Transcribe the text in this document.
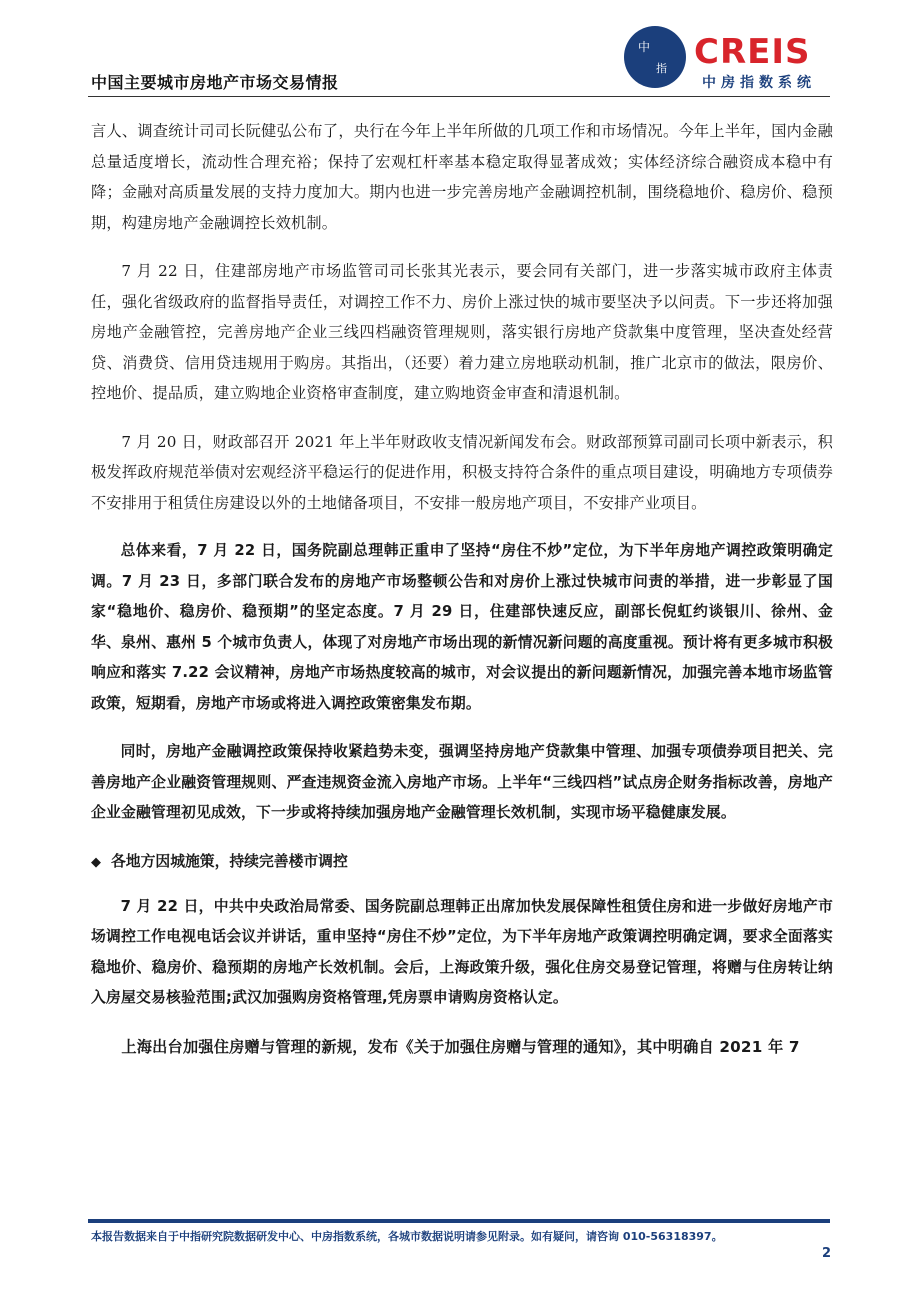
中国主要城市房地产市场交易情报
中
指 CREIS
中房指数系统

言人、调查统计司司长阮健弘公布了，央行在今年上半年所做的几项工作和市场情况。今年上半年，国内金融总量适度增长，流动性合理充裕；保持了宏观杠杆率基本稳定取得显著成效；实体经济综合融资成本稳中有降；金融对高质量发展的支持力度加大。期内也进一步完善房地产金融调控机制，围绕稳地价、稳房价、稳预期，构建房地产金融调控长效机制。

7 月 22 日，住建部房地产市场监管司司长张其光表示，要会同有关部门，进一步落实城市政府主体责任，强化省级政府的监督指导责任，对调控工作不力、房价上涨过快的城市要坚决予以问责。下一步还将加强房地产金融管控，完善房地产企业三线四档融资管理规则，落实银行房地产贷款集中度管理，坚决查处经营贷、消费贷、信用贷违规用于购房。其指出，（还要）着力建立房地联动机制，推广北京市的做法，限房价、控地价、提品质，建立购地企业资格审查制度，建立购地资金审查和清退机制。

7 月 20 日，财政部召开 2021 年上半年财政收支情况新闻发布会。财政部预算司副司长项中新表示，积极发挥政府规范举债对宏观经济平稳运行的促进作用，积极支持符合条件的重点项目建设，明确地方专项债券不安排用于租赁住房建设以外的土地储备项目，不安排一般房地产项目，不安排产业项目。

总体来看，7 月 22 日，国务院副总理韩正重申了坚持“房住不炒”定位，为下半年房地产调控政策明确定调。7 月 23 日，多部门联合发布的房地产市场整顿公告和对房价上涨过快城市问责的举措，进一步彰显了国家“稳地价、稳房价、稳预期”的坚定态度。7 月 29 日，住建部快速反应，副部长倪虹约谈银川、徐州、金华、泉州、惠州 5 个城市负责人，体现了对房地产市场出现的新情况新问题的高度重视。预计将有更多城市积极响应和落实 7.22 会议精神，房地产市场热度较高的城市，对会议提出的新问题新情况，加强完善本地市场监管政策，短期看，房地产市场或将进入调控政策密集发布期。

同时，房地产金融调控政策保持收紧趋势未变，强调坚持房地产贷款集中管理、加强专项债券项目把关、完善房地产企业融资管理规则、严查违规资金流入房地产市场。上半年“三线四档”试点房企财务指标改善，房地产企业金融管理初见成效，下一步或将持续加强房地产金融管理长效机制，实现市场平稳健康发展。

◆ 各地方因城施策，持续完善楼市调控

7 月 22 日，中共中央政治局常委、国务院副总理韩正出席加快发展保障性租赁住房和进一步做好房地产市场调控工作电视电话会议并讲话，重申坚持“房住不炒”定位，为下半年房地产政策调控明确定调，要求全面落实稳地价、稳房价、稳预期的房地产长效机制。会后，上海政策升级，强化住房交易登记管理，将赠与住房转让纳入房屋交易核验范围;武汉加强购房资格管理,凭房票申请购房资格认定。

上海出台加强住房赠与管理的新规，发布《关于加强住房赠与管理的通知》，其中明确自 2021 年 7

本报告数据来自于中指研究院数据研发中心、中房指数系统，各城市数据说明请参见附录。如有疑问，请咨询 010-56318397。
2
